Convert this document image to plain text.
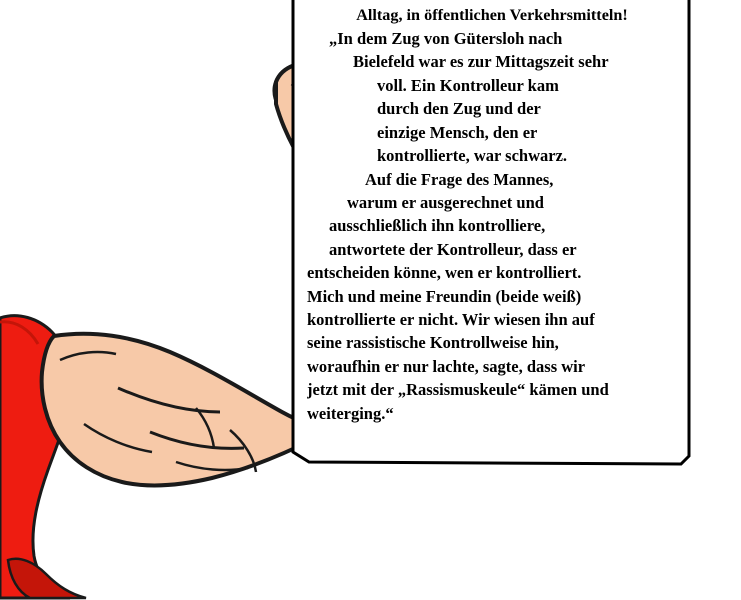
Alltag, in öffentlichen Verkehrsmitteln!
„In dem Zug von Gütersloh nach
Bielefeld war es zur Mittagszeit sehr
voll. Ein Kontrolleur kam
durch den Zug und der
einzige Mensch, den er
kontrollierte, war schwarz.
Auf die Frage des Mannes,
warum er ausgerechnet und
ausschließlich ihn kontrolliere,
antwortete der Kontrolleur, dass er
entscheiden könne, wen er kontrolliert.
Mich und meine Freundin (beide weiß)
kontrollierte er nicht. Wir wiesen ihn auf
seine rassistische Kontrollweise hin,
woraufhin er nur lachte, sagte, dass wir
jetzt mit der „Rassismuskeule“ kämen und
weiterging.“
